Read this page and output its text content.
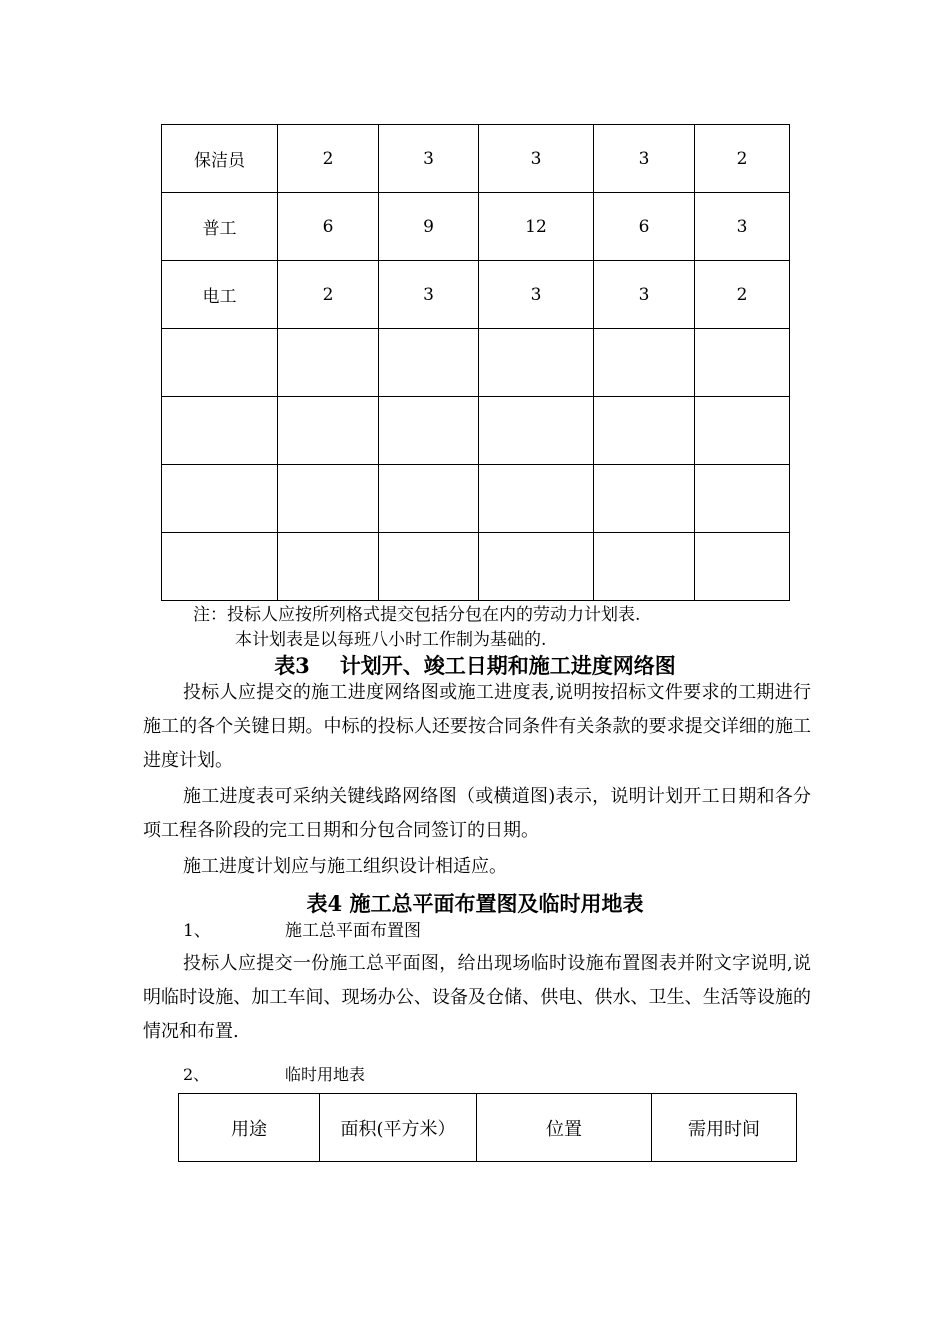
保洁员	2	3	3	3	2
普工	6	9	12	6	3
电工	2	3	3	3	2

注：投标人应按所列格式提交包括分包在内的劳动力计划表.
本计划表是以每班八小时工作制为基础的.
表3 计划开、竣工日期和施工进度网络图

投标人应提交的施工进度网络图或施工进度表,说明按招标文件要求的工期进行施工的各个关键日期。中标的投标人还要按合同条件有关条款的要求提交详细的施工进度计划。

施工进度表可采纳关键线路网络图（或横道图)表示，说明计划开工日期和各分项工程各阶段的完工日期和分包合同签订的日期。

施工进度计划应与施工组织设计相适应。

表4 施工总平面布置图及临时用地表
1、	施工总平面布置图

投标人应提交一份施工总平面图，给出现场临时设施布置图表并附文字说明,说明临时设施、加工车间、现场办公、设备及仓储、供电、供水、卫生、生活等设施的情况和布置.

2、	临时用地表
用途	面积(平方米）	位置	需用时间
